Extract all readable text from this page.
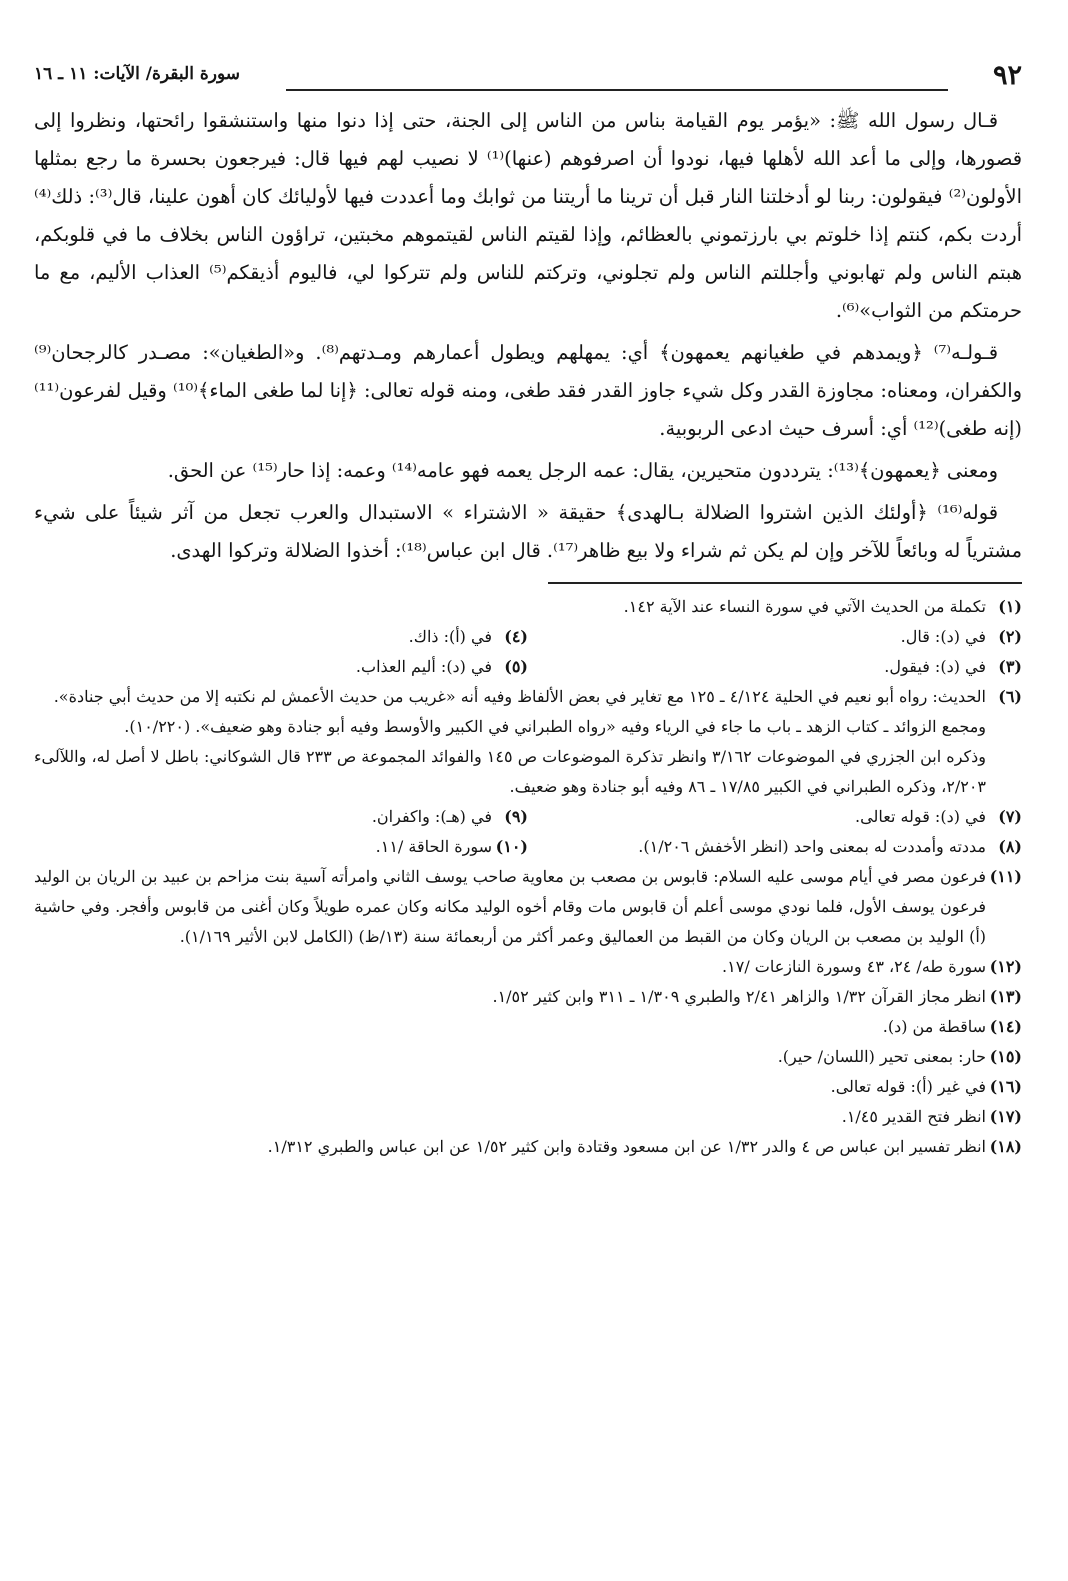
٩٢
سورة البقرة/ الآيات: ١١ ـ ١٦

قـال رسول الله ﷺ: «يؤمر يوم القيامة بناس من الناس إلى الجنة، حتى إذا دنوا منها واستنشقوا رائحتها، ونظروا إلى قصورها، وإلى ما أعد الله لأهلها فيها، نودوا أن اصرفوهم (عنها)⁽¹⁾ لا نصيب لهم فيها قال: فيرجعون بحسرة ما رجع بمثلها الأولون⁽²⁾ فيقولون: ربنا لو أدخلتنا النار قبل أن ترينا ما أريتنا من ثوابك وما أعددت فيها لأوليائك كان أهون علينا، قال⁽³⁾: ذلك⁽⁴⁾ أردت بكم، كنتم إذا خلوتم بي بارزتموني بالعظائم، وإذا لقيتم الناس لقيتموهم مخبتين، تراؤون الناس بخلاف ما في قلوبكم، هبتم الناس ولم تهابوني وأجللتم الناس ولم تجلوني، وتركتم للناس ولم تتركوا لي، فاليوم أذيقكم⁽⁵⁾ العذاب الأليم، مع ما حرمتكم من الثواب»⁽⁶⁾.

قـولـه⁽⁷⁾ ﴿ويمدهم في طغيانهم يعمهون﴾ أي: يمهلهم ويطول أعمارهم ومـدتهم⁽⁸⁾. و«الطغيان»: مصـدر كالرجحان⁽⁹⁾ والكفران، ومعناه: مجاوزة القدر وكل شيء جاوز القدر فقد طغى، ومنه قوله تعالى: ﴿إنا لما طغى الماء﴾⁽¹⁰⁾ وقيل لفرعون⁽¹¹⁾ (إنه طغى)⁽¹²⁾ أي: أسرف حيث ادعى الربوبية.

ومعنى ﴿يعمهون﴾⁽¹³⁾: يترددون متحيرين، يقال: عمه الرجل يعمه فهو عامه⁽¹⁴⁾ وعمه: إذا حار⁽¹⁵⁾ عن الحق.

قوله⁽¹⁶⁾ ﴿أولئك الذين اشتروا الضلالة بـالهدى﴾ حقيقة « الاشتراء » الاستبدال والعرب تجعل من آثر شيئاً على شيء مشترياً له وبائعاً للآخر وإن لم يكن ثم شراء ولا بيع ظاهر⁽¹⁷⁾. قال ابن عباس⁽¹⁸⁾: أخذوا الضلالة وتركوا الهدى.

(١)
تكملة من الحديث الآتي في سورة النساء عند الآية ١٤٢.
(٢)
في (د): قال.
(٤)
في (أ): ذاك.
(٣)
في (د): فيقول.
(٥)
في (د): أليم العذاب.
(٦)
الحديث: رواه أبو نعيم في الحلية ٤/١٢٤ ـ ١٢٥ مع تغاير في بعض الألفاظ وفيه أنه «غريب من حديث الأعمش لم نكتبه إلا من حديث أبي جنادة».
ومجمع الزوائد ـ كتاب الزهد ـ باب ما جاء في الرياء وفيه «رواه الطبراني في الكبير والأوسط وفيه أبو جنادة وهو ضعيف». (١٠/٢٢٠).
وذكره ابن الجزري في الموضوعات ٣/١٦٢ وانظر تذكرة الموضوعات ص ١٤٥ والفوائد المجموعة ص ٢٣٣ قال الشوكاني: باطل لا أصل له، واللآلىء ٢/٢٠٣، وذكره الطبراني في الكبير ١٧/٨٥ ـ ٨٦ وفيه أبو جنادة وهو ضعيف.
(٧)
في (د): قوله تعالى.
(٩)
في (هـ): واكفران.
(٨)
مددته وأمددت له بمعنى واحد (انظر الأخفش ١/٢٠٦).
(١٠)
سورة الحاقة /١١.
(١١)
فرعون مصر في أيام موسى عليه السلام: قابوس بن مصعب بن معاوية صاحب يوسف الثاني وامرأته آسية بنت مزاحم بن عبيد بن الريان بن الوليد فرعون يوسف الأول، فلما نودي موسى أعلم أن قابوس مات وقام أخوه الوليد مكانه وكان عمره طويلاً وكان أغنى من قابوس وأفجر. وفي حاشية (أ) الوليد بن مصعب بن الريان وكان من القبط من العماليق وعمر أكثر من أربعمائة سنة (١٣/ظ) (الكامل لابن الأثير ١/١٦٩).
(١٢)
سورة طه/ ٢٤، ٤٣ وسورة النازعات /١٧.
(١٣)
انظر مجاز القرآن ١/٣٢ والزاهر ٢/٤١ والطبري ١/٣٠٩ ـ ٣١١ وابن كثير ١/٥٢.
(١٤)
ساقطة من (د).
(١٥)
حار: بمعنى تحير (اللسان/ حير).
(١٦)
في غير (أ): قوله تعالى.
(١٧)
انظر فتح القدير ١/٤٥.
(١٨)
انظر تفسير ابن عباس ص ٤ والدر ١/٣٢ عن ابن مسعود وقتادة وابن كثير ١/٥٢ عن ابن عباس والطبري ١/٣١٢.
